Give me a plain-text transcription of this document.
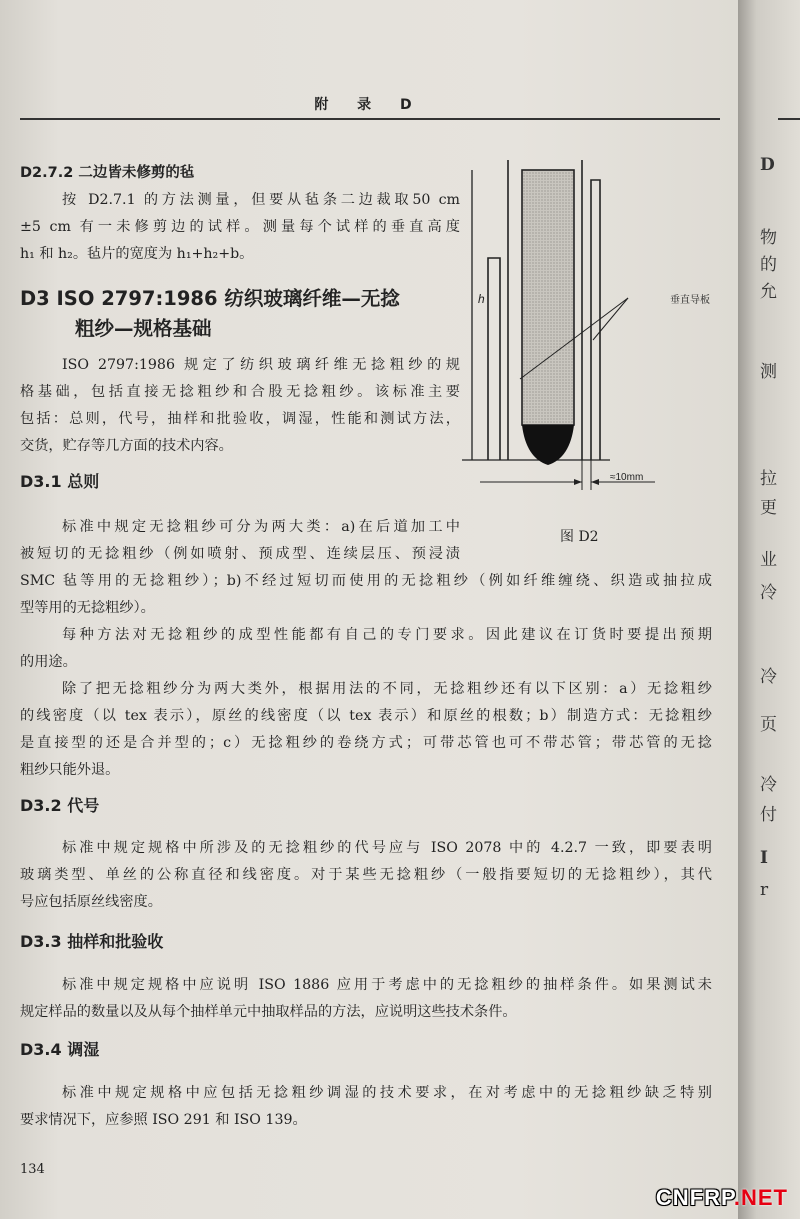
附 录 D
D2.7.2 二边皆未修剪的毡
按 D2.7.1 的方法测量，但要从毡条二边裁取50 cm
±5 cm 有一未修剪边的试样。测量每个试样的垂直高度
h₁ 和 h₂。毡片的宽度为 h₁+h₂+b。
D3 ISO 2797:1986 纺织玻璃纤维—无捻
粗纱—规格基础
ISO 2797:1986 规定了纺织玻璃纤维无捻粗纱的规
格基础，包括直接无捻粗纱和合股无捻粗纱。该标准主要
包括：总则，代号，抽样和批验收，调湿，性能和测试方法，
交货，贮存等几方面的技术内容。
D3.1 总则
标准中规定无捻粗纱可分为两大类：a)在后道加工中
被短切的无捻粗纱（例如喷射、预成型、连续层压、预浸渍
SMC 毡等用的无捻粗纱）；b)不经过短切而使用的无捻粗纱（例如纤维缠绕、织造或抽拉成
型等用的无捻粗纱）。
每种方法对无捻粗纱的成型性能都有自己的专门要求。因此建议在订货时要提出预期
的用途。
除了把无捻粗纱分为两大类外，根据用法的不同，无捻粗纱还有以下区别：a）无捻粗纱
的线密度（以 tex 表示），原丝的线密度（以 tex 表示）和原丝的根数；b）制造方式：无捻粗纱
是直接型的还是合并型的；c）无捻粗纱的卷绕方式；可带芯管也可不带芯管；带芯管的无捻
粗纱只能外退。
D3.2 代号
标准中规定规格中所涉及的无捻粗纱的代号应与 ISO 2078 中的 4.2.7 一致，即要表明
玻璃类型、单丝的公称直径和线密度。对于某些无捻粗纱（一般指要短切的无捻粗纱），其代
号应包括原丝线密度。
D3.3 抽样和批验收
标准中规定规格中应说明 ISO 1886 应用于考虑中的无捻粗纱的抽样条件。如果测试未
规定样品的数量以及从每个抽样单元中抽取样品的方法，应说明这些技术条件。
D3.4 调湿
标准中规定规格中应包括无捻粗纱调湿的技术要求，在对考虑中的无捻粗纱缺乏特别
要求情况下，应参照 ISO 291 和 ISO 139。
134
h	垂直导板
≈10mm
图 D2
D
物
的
允
测
拉
更
业
冷
冷
页
冷
付
I
r
CNFRP.NET
